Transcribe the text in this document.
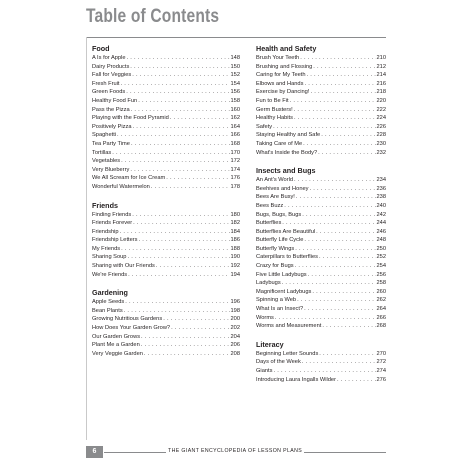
Table of Contents
Food
A Is for Apple . . .	148
Dairy Products . . .	150
Fall for Veggies . . .	152
Fresh Fruit . . .	154
Green Foods . . .	156
Healthy Food Fun . . .	158
Pass the Pizza . . .	160
Playing with the Food Pyramid . . .	162
Positively Pizza . . .	164
Spaghetti . . .	166
Tea Party Time . . .	168
Tortillas . . .	170
Vegetables . . .	172
Very Blueberry . . .	174
We All Scream for Ice Cream . . .	176
Wonderful Watermelon . . .	178
Friends
Finding Friends . . .	180
Friends Forever . . .	182
Friendship . . .	184
Friendship Letters . . .	186
My Friends . . .	188
Sharing Soup . . .	190
Sharing with Our Friends . . .	192
We're Friends . . .	194
Gardening
Apple Seeds . . .	196
Bean Plants . . .	198
Growing Nutritious Gardens . . .	200
How Does Your Garden Grow? . . .	202
Our Garden Grows . . .	204
Plant Me a Garden . . .	206
Very Veggie Garden . . .	208
Health and Safety
Brush Your Teeth . . .	210
Brushing and Flossing . . .	212
Caring for My Teeth . . .	214
Elbows and Hands . . .	216
Exercise by Dancing! . . .	218
Fun to Be Fit . . .	220
Germ Busters! . . .	222
Healthy Habits . . .	224
Safety . . .	226
Staying Healthy and Safe . . .	228
Taking Care of Me . . .	230
What's Inside the Body? . . .	232
Insects and Bugs
An Ant's World . . .	234
Beehives and Honey . . .	236
Bees Are Busy! . . .	238
Bees Buzz . . .	240
Bugs, Bugs, Bugs . . .	242
Butterflies . . .	244
Butterflies Are Beautiful . . .	246
Butterfly Life Cycle . . .	248
Butterfly Wings . . .	250
Caterpillars to Butterflies . . .	252
Crazy for Bugs . . .	254
Five Little Ladybugs . . .	256
Ladybugs . . .	258
Magnificent Ladybugs . . .	260
Spinning a Web . . .	262
What Is an Insect? . . .	264
Worms . . .	266
Worms and Measurement . . .	268
Literacy
Beginning Letter Sounds . . .	270
Days of the Week . . .	272
Giants . . .	274
Introducing Laura Ingalls Wilder . . .	276
6	THE GIANT ENCYCLOPEDIA OF LESSON PLANS
